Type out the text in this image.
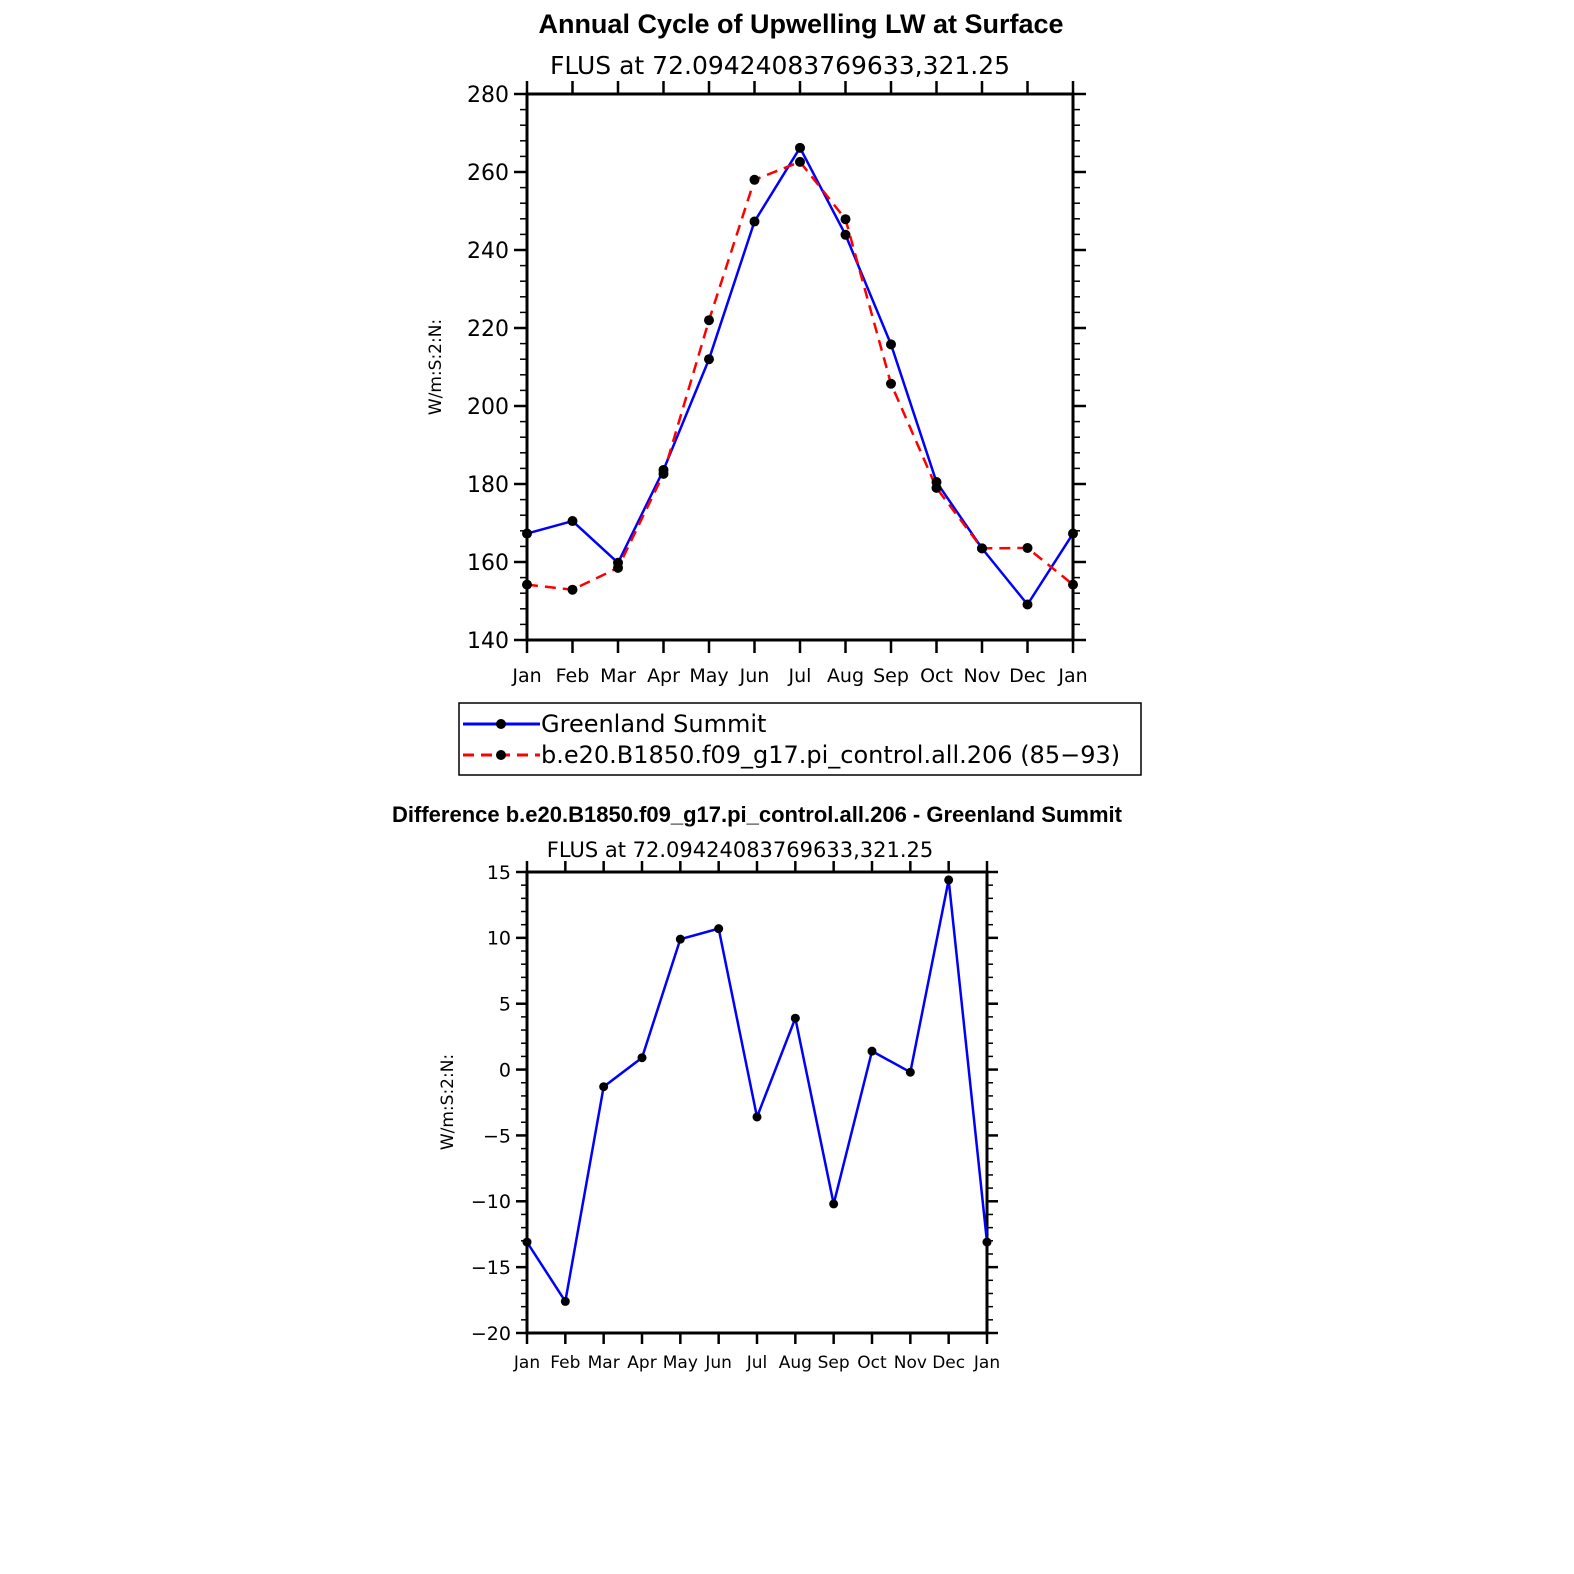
Annual Cycle of Upwelling LW at Surface
FLUS at 72.09424083769633,321.25
W/m:S:2:N:
140
160
180
200
220
240
260
280
Jan Feb Mar Apr May Jun Jul Aug Sep Oct Nov Dec Jan
Greenland Summit
b.e20.B1850.f09_g17.pi_control.all.206 (85−93)
Difference b.e20.B1850.f09_g17.pi_control.all.206 - Greenland Summit
FLUS at 72.09424083769633,321.25
W/m:S:2:N:
−20
−15
−10
−5
0
5
10
15
Jan Feb Mar Apr May Jun Jul Aug Sep Oct Nov Dec Jan
